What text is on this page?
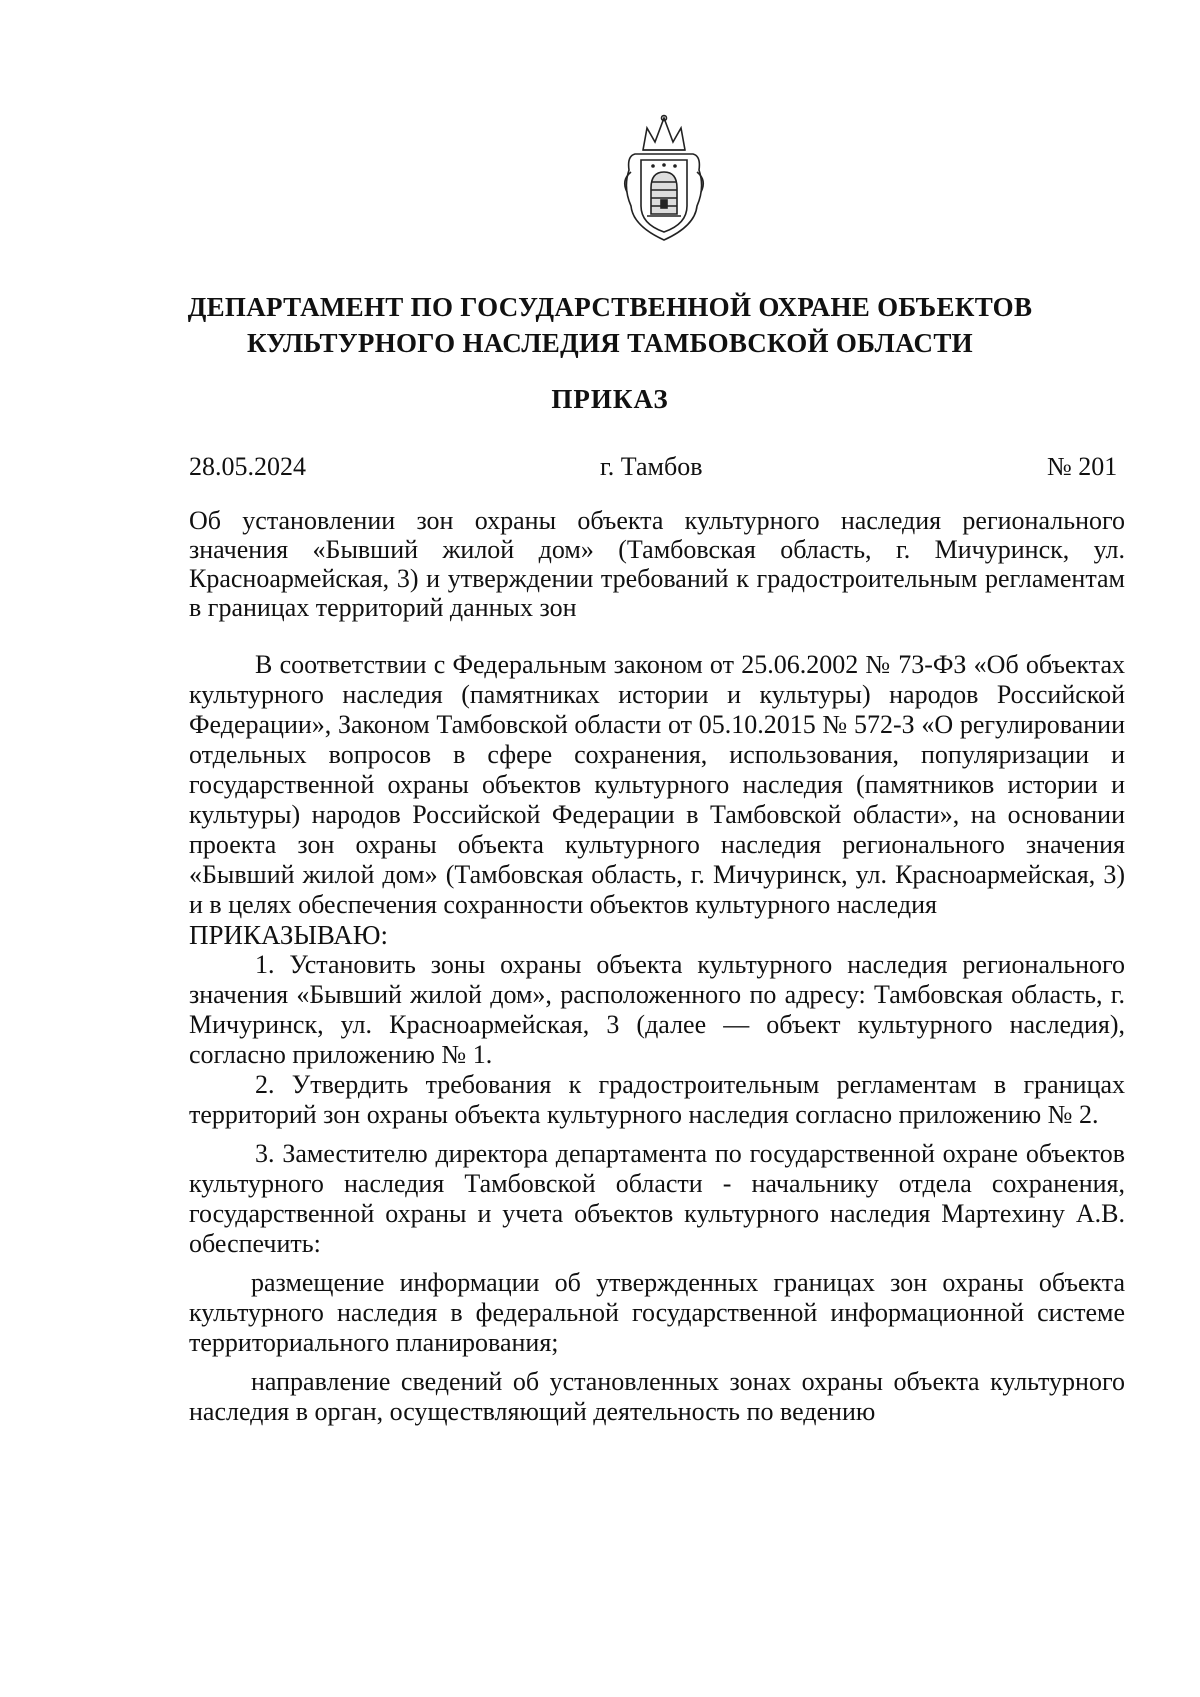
ДЕПАРТАМЕНТ ПО ГОСУДАРСТВЕННОЙ ОХРАНЕ ОБЪЕКТОВ
КУЛЬТУРНОГО НАСЛЕДИЯ ТАМБОВСКОЙ ОБЛАСТИ
ПРИКАЗ
28.05.2024	г. Тамбов	№ 201
Об установлении зон охраны объекта культурного наследия регионального значения «Бывший жилой дом» (Тамбовская область, г. Мичуринск, ул. Красноармейская, 3) и утверждении требований к градостроительным регламентам в границах территорий данных зон

В соответствии с Федеральным законом от 25.06.2002 № 73-ФЗ «Об объектах культурного наследия (памятниках истории и культуры) народов Российской Федерации», Законом Тамбовской области от 05.10.2015 № 572-З «О регулировании отдельных вопросов в сфере сохранения, использования, популяризации и государственной охраны объектов культурного наследия (памятников истории и культуры) народов Российской Федерации в Тамбовской области», на основании проекта зон охраны объекта культурного наследия регионального значения «Бывший жилой дом» (Тамбовская область, г. Мичуринск, ул. Красноармейская, 3) и в целях обеспечения сохранности объектов культурного наследия

ПРИКАЗЫВАЮ:

1. Установить зоны охраны объекта культурного наследия регионального значения «Бывший жилой дом», расположенного по адресу: Тамбовская область, г. Мичуринск, ул. Красноармейская, 3 (далее — объект культурного наследия), согласно приложению № 1.

2. Утвердить требования к градостроительным регламентам в границах территорий зон охраны объекта культурного наследия согласно приложению № 2.

3. Заместителю директора департамента по государственной охране объектов культурного наследия Тамбовской области - начальнику отдела сохранения, государственной охраны и учета объектов культурного наследия Мартехину А.В. обеспечить:

размещение информации об утвержденных границах зон охраны объекта культурного наследия в федеральной государственной информационной системе территориального планирования;

направление сведений об установленных зонах охраны объекта культурного наследия в орган, осуществляющий деятельность по ведению
